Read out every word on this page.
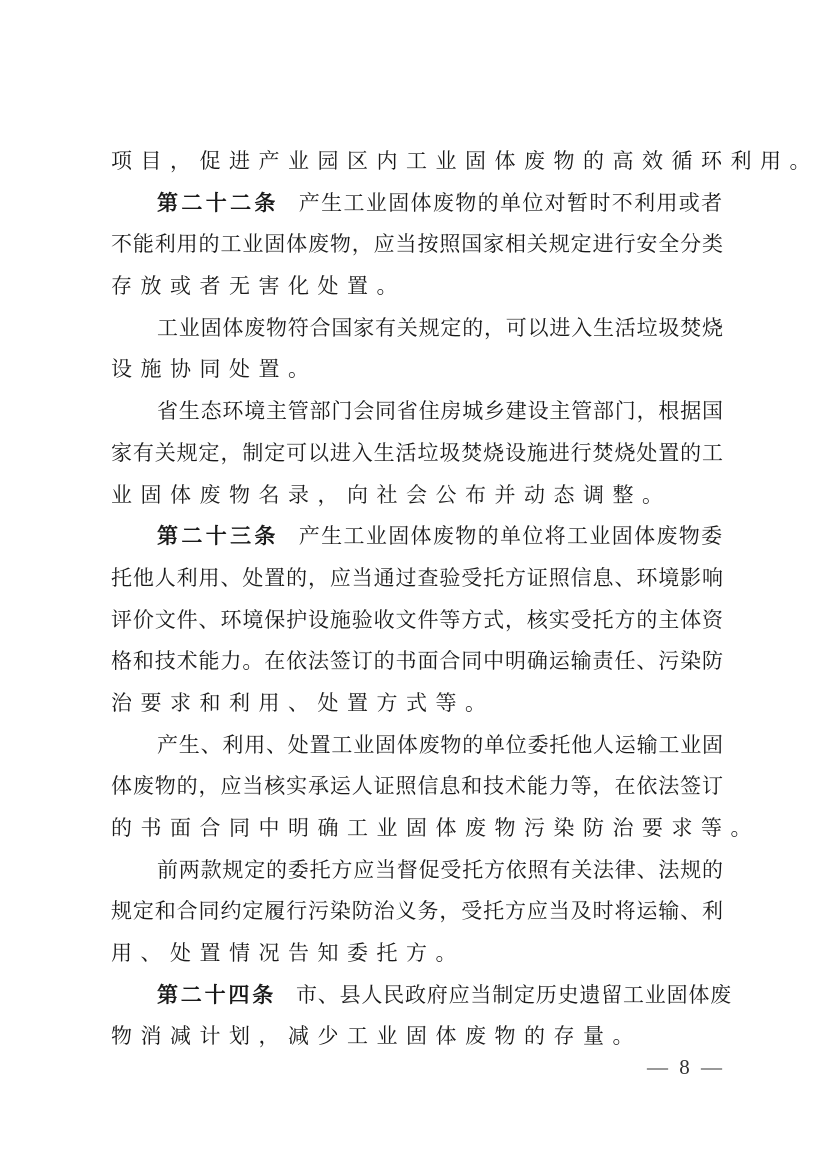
项目，促进产业园区内工业固体废物的高效循环利用。
第二十二条 产生工业固体废物的单位对暂时不利用或者
不能利用的工业固体废物，应当按照国家相关规定进行安全分类
存放或者无害化处置。
工业固体废物符合国家有关规定的，可以进入生活垃圾焚烧
设施协同处置。
省生态环境主管部门会同省住房城乡建设主管部门，根据国
家有关规定，制定可以进入生活垃圾焚烧设施进行焚烧处置的工
业固体废物名录，向社会公布并动态调整。
第二十三条 产生工业固体废物的单位将工业固体废物委
托他人利用、处置的，应当通过查验受托方证照信息、环境影响
评价文件、环境保护设施验收文件等方式，核实受托方的主体资
格和技术能力。在依法签订的书面合同中明确运输责任、污染防
治要求和利用、处置方式等。
产生、利用、处置工业固体废物的单位委托他人运输工业固
体废物的，应当核实承运人证照信息和技术能力等，在依法签订
的书面合同中明确工业固体废物污染防治要求等。
前两款规定的委托方应当督促受托方依照有关法律、法规的
规定和合同约定履行污染防治义务，受托方应当及时将运输、利
用、处置情况告知委托方。
第二十四条 市、县人民政府应当制定历史遗留工业固体废
物消减计划，减少工业固体废物的存量。
— 8 —
